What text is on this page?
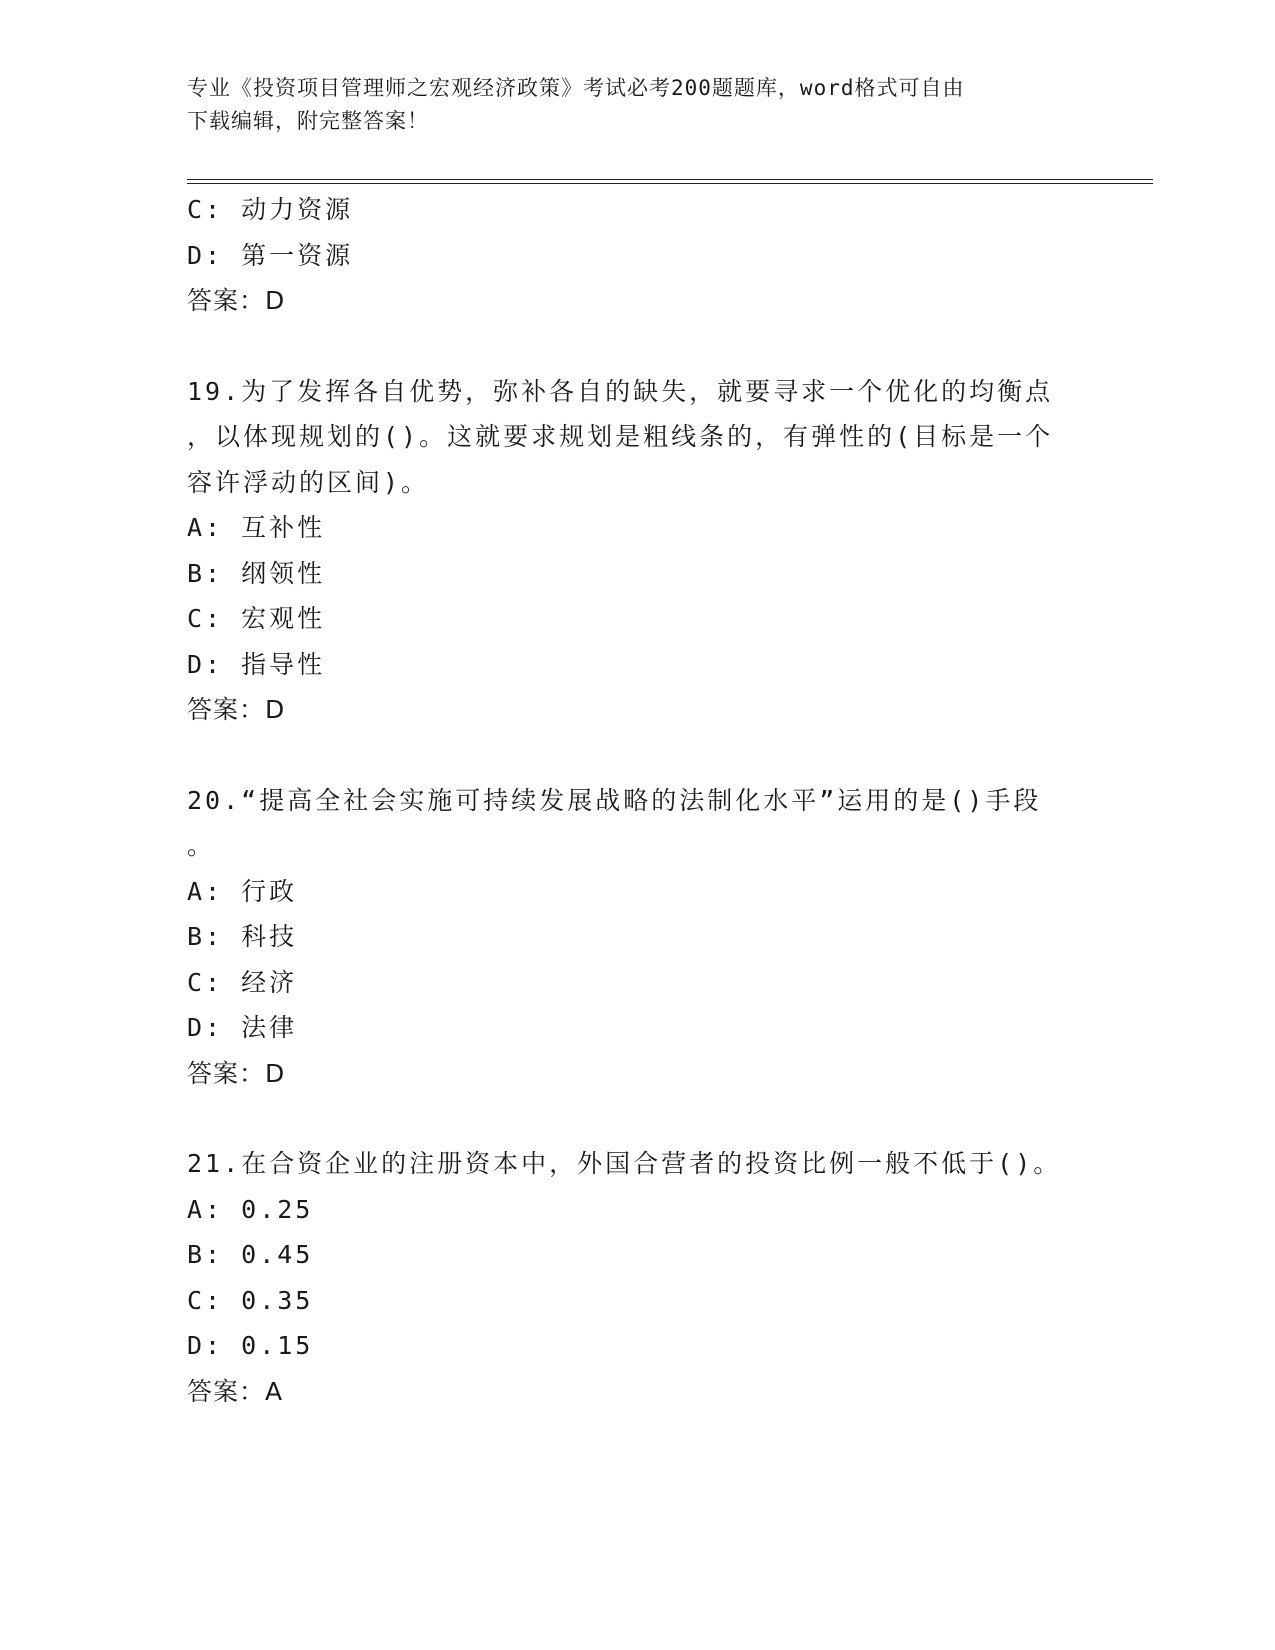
专业《投资项目管理师之宏观经济政策》考试必考200题题库，word格式可自由
下载编辑，附完整答案！
C: 动力资源
D: 第一资源
答案：D
19.为了发挥各自优势，弥补各自的缺失，就要寻求一个优化的均衡点
，以体现规划的()。这就要求规划是粗线条的，有弹性的(目标是一个
容许浮动的区间)。
A: 互补性
B: 纲领性
C: 宏观性
D: 指导性
答案：D
20.“提高全社会实施可持续发展战略的法制化水平”运用的是()手段
。
A: 行政
B: 科技
C: 经济
D: 法律
答案：D
21.在合资企业的注册资本中，外国合营者的投资比例一般不低于()。
A: 0.25
B: 0.45
C: 0.35
D: 0.15
答案：A
